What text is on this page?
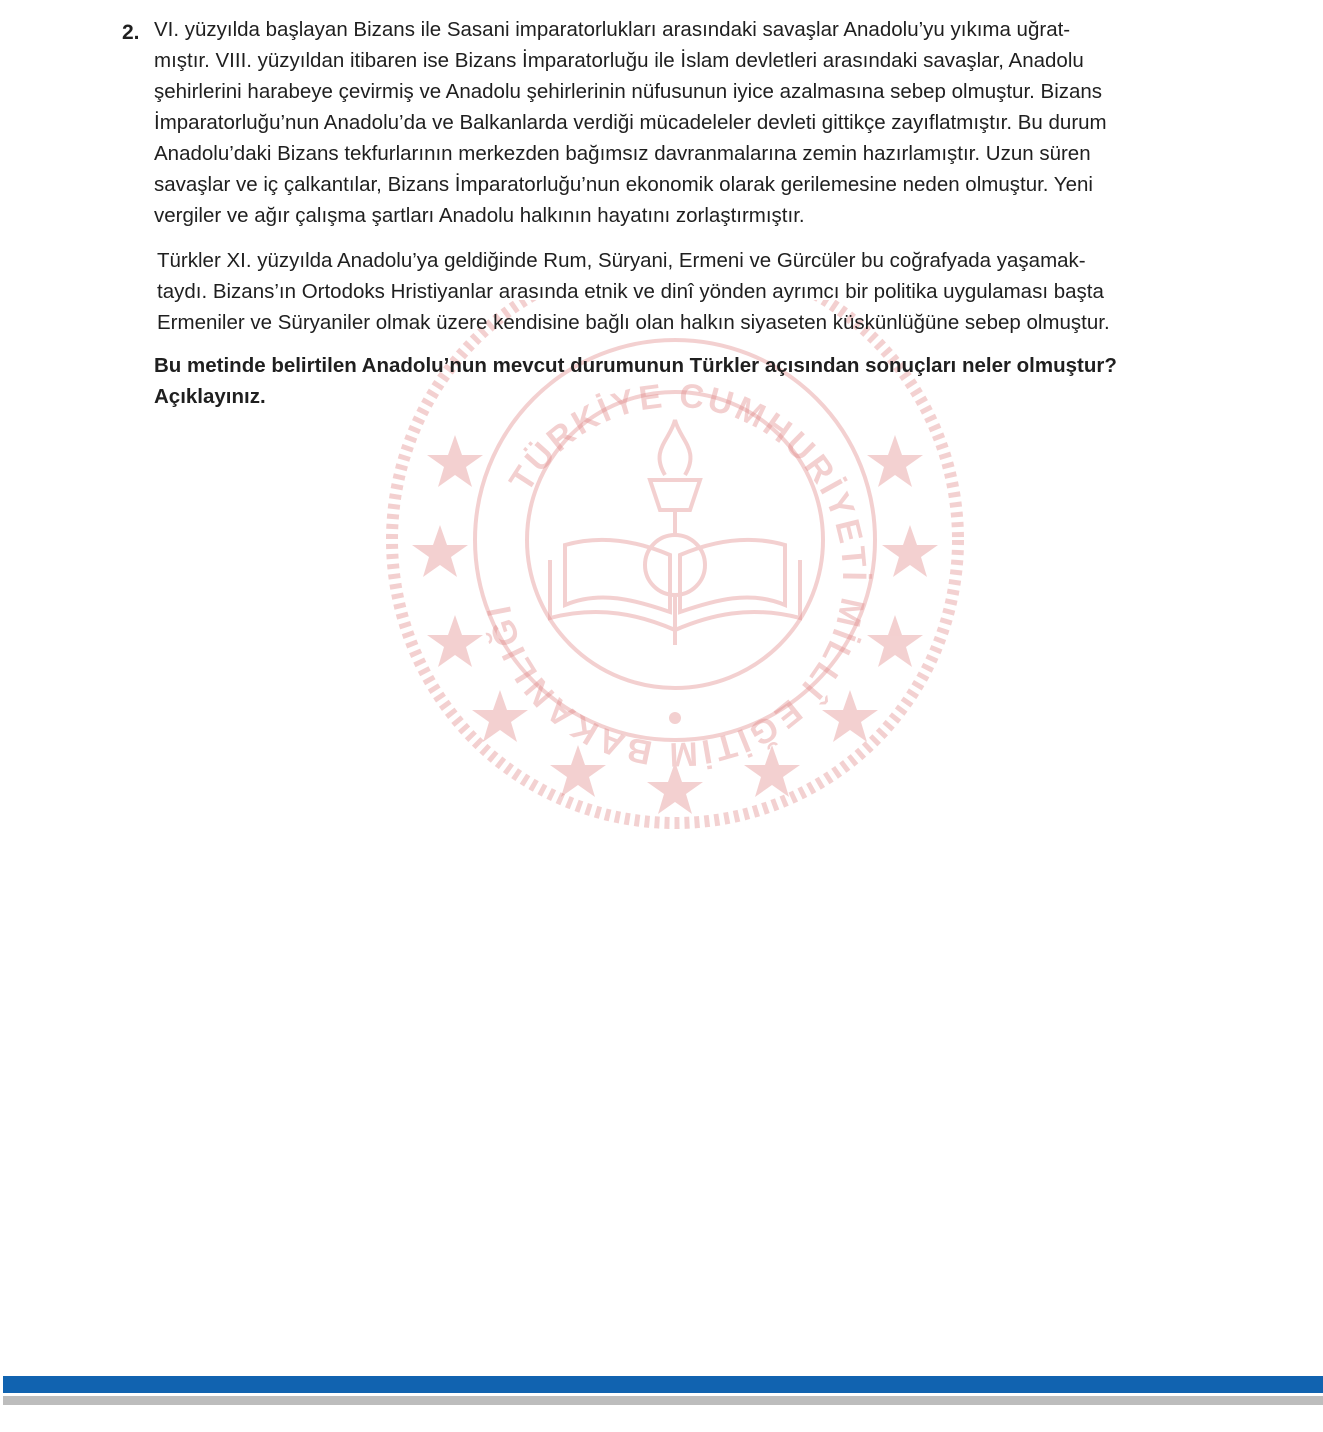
TÜRKİYE CUMHURİYETİ MİLLÎ EĞİTİM BAKANLIĞI
2. VI. yüzyılda başlayan Bizans ile Sasani imparatorlukları arasındaki savaşlar Anadolu’yu yıkıma uğrat-
mıştır. VIII. yüzyıldan itibaren ise Bizans İmparatorluğu ile İslam devletleri arasındaki savaşlar, Anadolu
şehirlerini harabeye çevirmiş ve Anadolu şehirlerinin nüfusunun iyice azalmasına sebep olmuştur. Bizans
İmparatorluğu’nun Anadolu’da ve Balkanlarda verdiği mücadeleler devleti gittikçe zayıflatmıştır. Bu durum
Anadolu’daki Bizans tekfurlarının merkezden bağımsız davranmalarına zemin hazırlamıştır. Uzun süren
savaşlar ve iç çalkantılar, Bizans İmparatorluğu’nun ekonomik olarak gerilemesine neden olmuştur. Yeni
vergiler ve ağır çalışma şartları Anadolu halkının hayatını zorlaştırmıştır.

Türkler XI. yüzyılda Anadolu’ya geldiğinde Rum, Süryani, Ermeni ve Gürcüler bu coğrafyada yaşamak-
taydı. Bizans’ın Ortodoks Hristiyanlar arasında etnik ve dinî yönden ayrımcı bir politika uygulaması başta
Ermeniler ve Süryaniler olmak üzere kendisine bağlı olan halkın siyaseten küskünlüğüne sebep olmuştur.

Bu metinde belirtilen Anadolu’nun mevcut durumunun Türkler açısından sonuçları neler olmuştur?
Açıklayınız.
